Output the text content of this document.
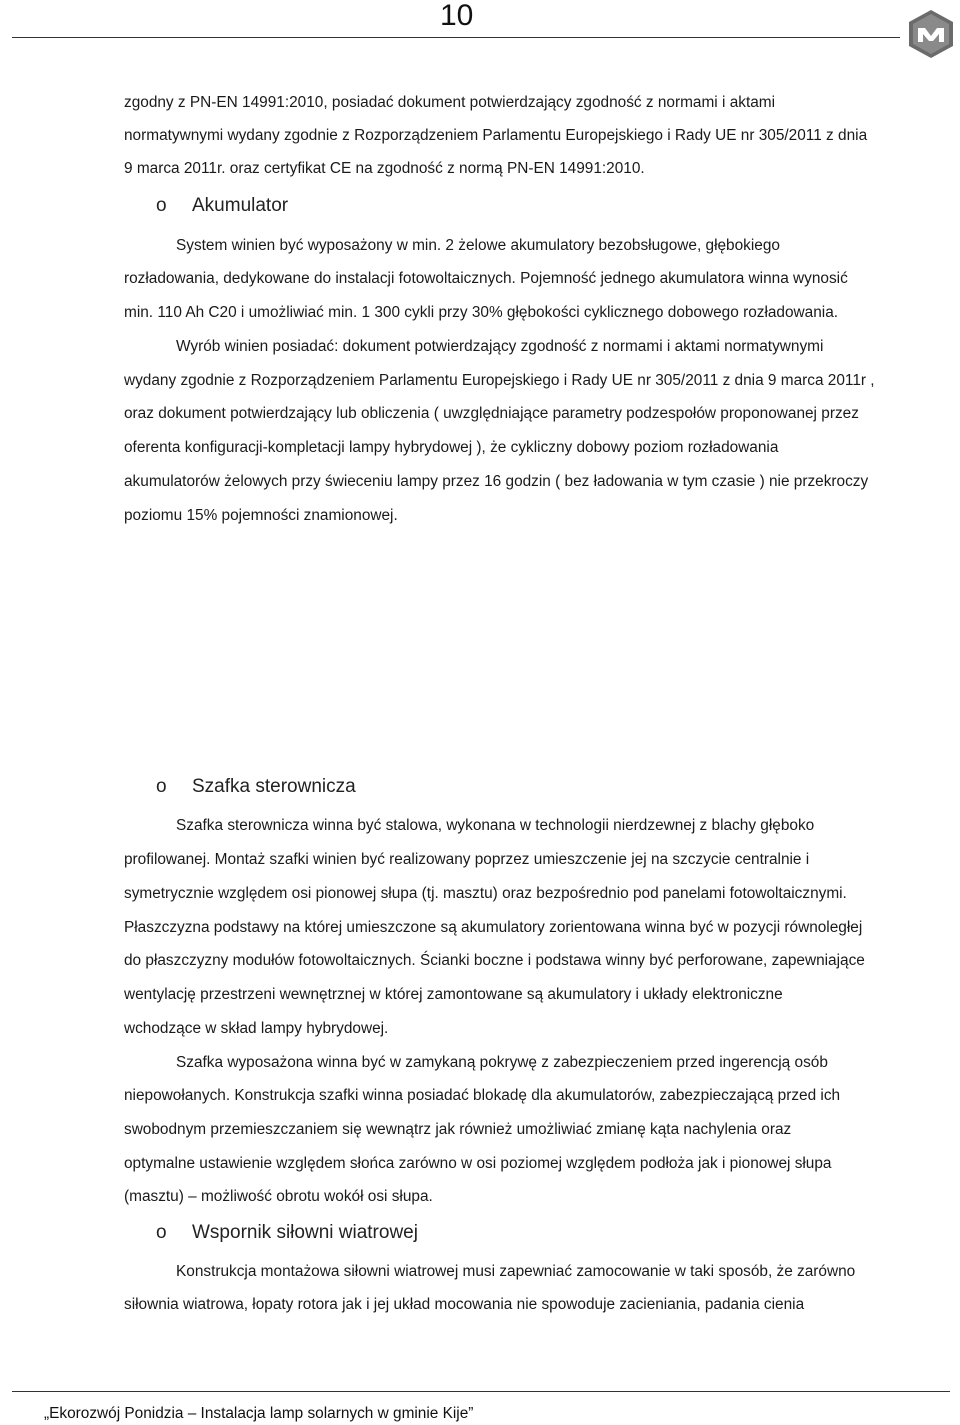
10
zgodny z PN-EN 14991:2010, posiadać dokument potwierdzający zgodność z normami i aktami
normatywnymi wydany zgodnie z Rozporządzeniem Parlamentu Europejskiego i Rady UE nr 305/2011 z dnia
9 marca 2011r. oraz certyfikat CE na zgodność z normą PN-EN 14991:2010.
o Akumulator
System winien być wyposażony w min. 2 żelowe akumulatory bezobsługowe, głębokiego
rozładowania, dedykowane do instalacji fotowoltaicznych. Pojemność jednego akumulatora winna wynosić
min. 110 Ah C20 i umożliwiać min. 1 300 cykli przy 30% głębokości cyklicznego dobowego rozładowania.
Wyrób winien posiadać: dokument potwierdzający zgodność z normami i aktami normatywnymi
wydany zgodnie z Rozporządzeniem Parlamentu Europejskiego i Rady UE nr 305/2011 z dnia 9 marca 2011r ,
oraz dokument potwierdzający lub obliczenia ( uwzględniające parametry podzespołów proponowanej przez
oferenta konfiguracji-kompletacji lampy hybrydowej ), że cykliczny dobowy poziom rozładowania
akumulatorów żelowych przy świeceniu lampy przez 16 godzin ( bez ładowania w tym czasie ) nie przekroczy
poziomu 15% pojemności znamionowej.
o Szafka sterownicza
Szafka sterownicza winna być stalowa, wykonana w technologii nierdzewnej z blachy głęboko
profilowanej. Montaż szafki winien być realizowany poprzez umieszczenie jej na szczycie centralnie i
symetrycznie względem osi pionowej słupa (tj. masztu) oraz bezpośrednio pod panelami fotowoltaicznymi.
Płaszczyzna podstawy na której umieszczone są akumulatory zorientowana winna być w pozycji równoległej
do płaszczyzny modułów fotowoltaicznych. Ścianki boczne i podstawa winny być perforowane, zapewniające
wentylację przestrzeni wewnętrznej w której zamontowane są akumulatory i układy elektroniczne
wchodzące w skład lampy hybrydowej.
Szafka wyposażona winna być w zamykaną pokrywę z zabezpieczeniem przed ingerencją osób
niepowołanych. Konstrukcja szafki winna posiadać blokadę dla akumulatorów, zabezpieczającą przed ich
swobodnym przemieszczaniem się wewnątrz jak również umożliwiać zmianę kąta nachylenia oraz
optymalne ustawienie względem słońca zarówno w osi poziomej względem podłoża jak i pionowej słupa
(masztu) – możliwość obrotu wokół osi słupa.
o Wspornik siłowni wiatrowej
Konstrukcja montażowa siłowni wiatrowej musi zapewniać zamocowanie w taki sposób, że zarówno
siłownia wiatrowa, łopaty rotora jak i jej układ mocowania nie spowoduje zacieniania, padania cienia
„Ekorozwój Ponidzia – Instalacja lamp solarnych w gminie Kije”
